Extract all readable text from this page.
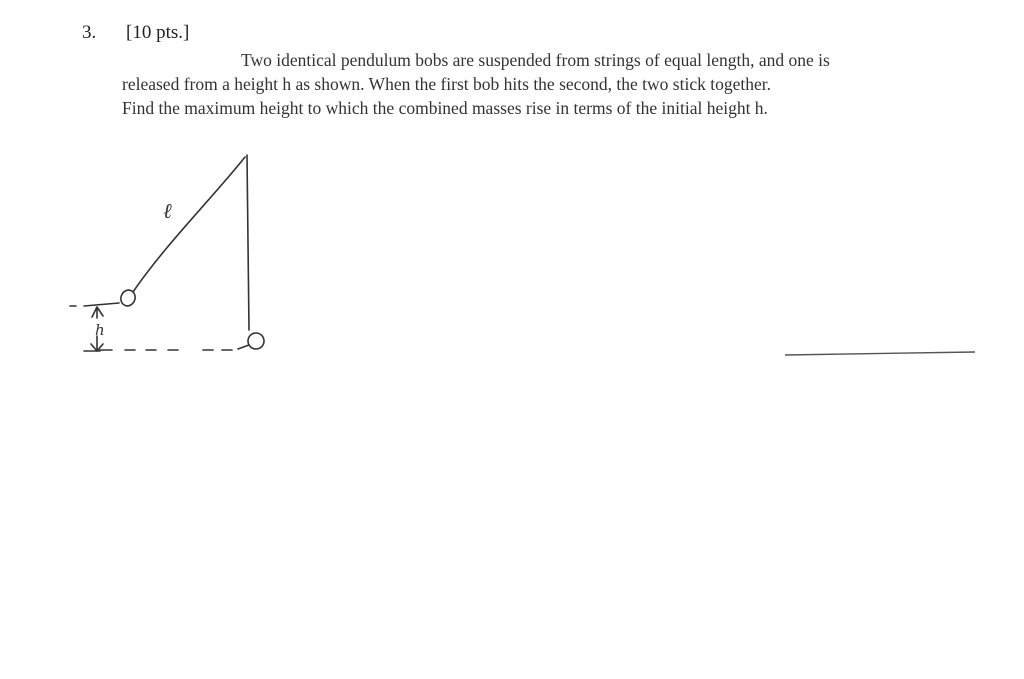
3. [10 pts.]
Two identical pendulum bobs are suspended from strings of equal length, and one is
released from a height h as shown. When the first bob hits the second, the two stick together.
Find the maximum height to which the combined masses rise in terms of the initial height h.
ℓ
h
